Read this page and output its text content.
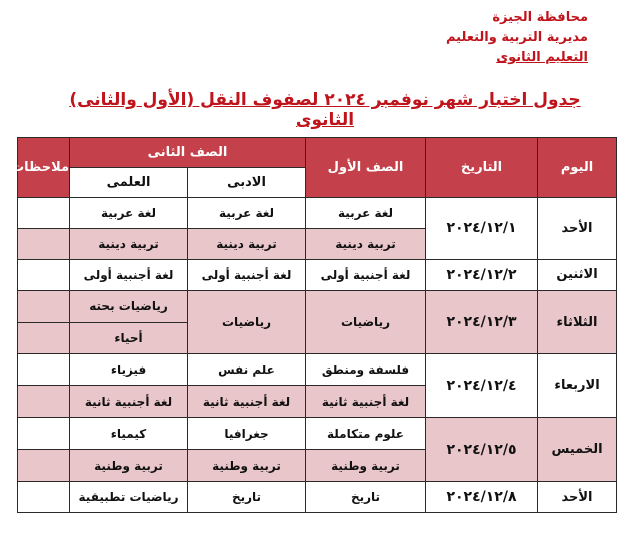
محافظة الجيزة
مديرية التربية والتعليم
التعليم الثانوى
جدول اختبار شهر نوفمبر ٢٠٢٤ لصفوف النقل (الأول والثانى) الثانوى
اليوم	التاريخ	الصف الأول	الصف الثانى		ملاحظات
			الادبى	العلمى	
الأحد	٢٠٢٤/١٢/١	لغة عربية	لغة عربية	لغة عربية	
		تربية دينية	تربية دينية	تربية دينية	
الاثنين	٢٠٢٤/١٢/٢	لغة أجنبية أولى	لغة أجنبية أولى	لغة أجنبية أولى	
الثلاثاء	٢٠٢٤/١٢/٣	رياضيات	رياضيات	رياضيات بحته	
				أحياء	
الاربعاء	٢٠٢٤/١٢/٤	فلسفة ومنطق	علم نفس	فيزياء	
		لغة أجنبية ثانية	لغة أجنبية ثانية	لغة أجنبية ثانية	
الخميس	٢٠٢٤/١٢/٥	علوم متكاملة	جغرافيا	كيمياء	
		تربية وطنية	تربية وطنية	تربية وطنية	
الأحد	٢٠٢٤/١٢/٨	تاريخ	تاريخ	رياضيات تطبيقية	
